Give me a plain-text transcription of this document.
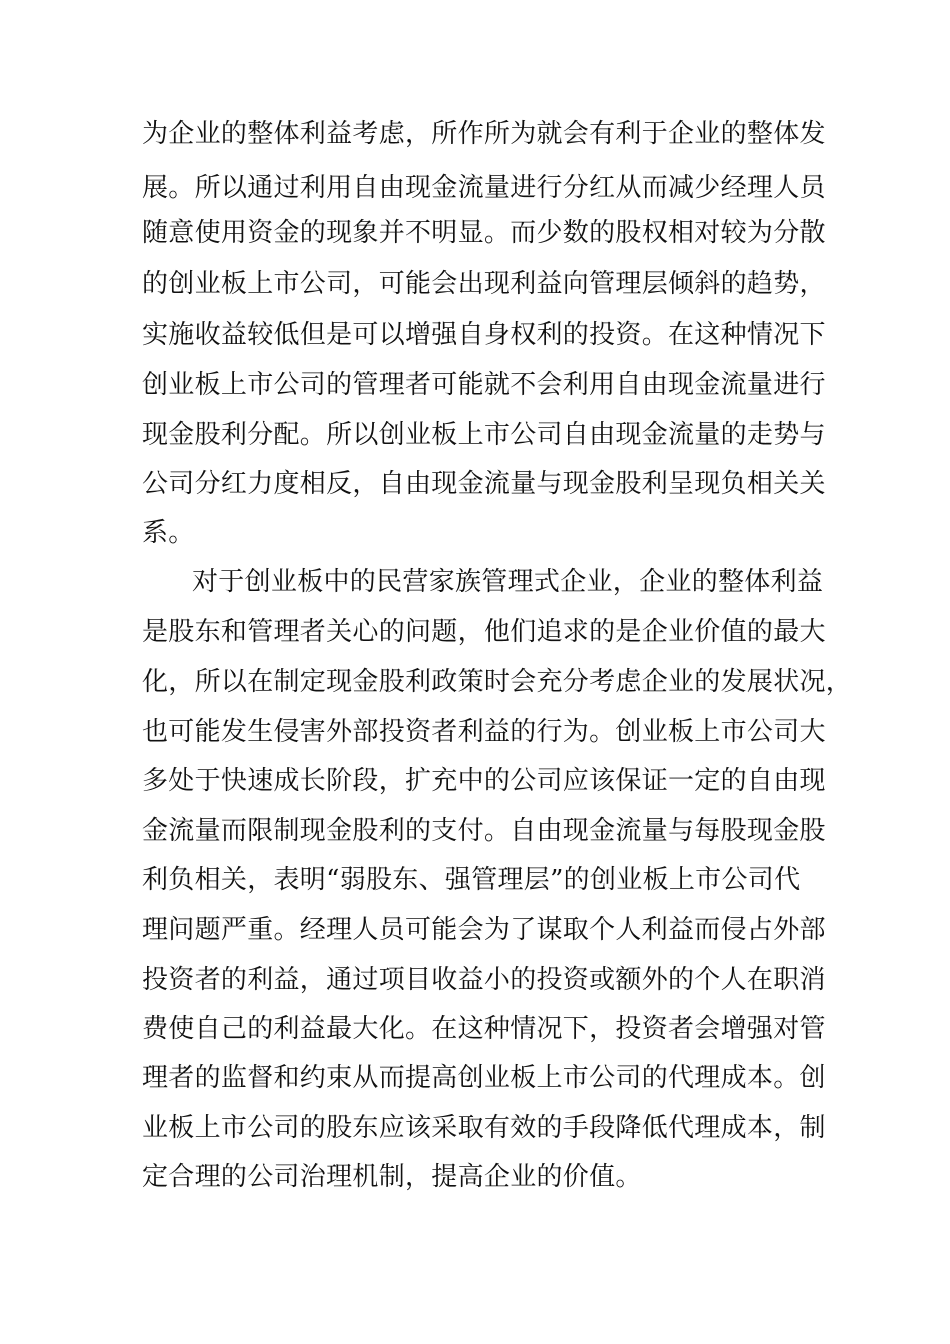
为企业的整体利益考虑，所作所为就会有利于企业的整体发
展。所以通过利用自由现金流量进行分红从而减少经理人员
随意使用资金的现象并不明显。而少数的股权相对较为分散
的创业板上市公司，可能会出现利益向管理层倾斜的趋势，
实施收益较低但是可以增强自身权利的投资。在这种情况下
创业板上市公司的管理者可能就不会利用自由现金流量进行
现金股利分配。所以创业板上市公司自由现金流量的走势与
公司分红力度相反，自由现金流量与现金股利呈现负相关关
系。
对于创业板中的民营家族管理式企业，企业的整体利益
是股东和管理者关心的问题，他们追求的是企业价值的最大
化，所以在制定现金股利政策时会充分考虑企业的发展状况，
也可能发生侵害外部投资者利益的行为。创业板上市公司大
多处于快速成长阶段，扩充中的公司应该保证一定的自由现
金流量而限制现金股利的支付。自由现金流量与每股现金股
利负相关，表明“弱股东、强管理层”的创业板上市公司代
理问题严重。经理人员可能会为了谋取个人利益而侵占外部
投资者的利益，通过项目收益小的投资或额外的个人在职消
费使自己的利益最大化。在这种情况下，投资者会增强对管
理者的监督和约束从而提高创业板上市公司的代理成本。创
业板上市公司的股东应该采取有效的手段降低代理成本，制
定合理的公司治理机制，提高企业的价值。
